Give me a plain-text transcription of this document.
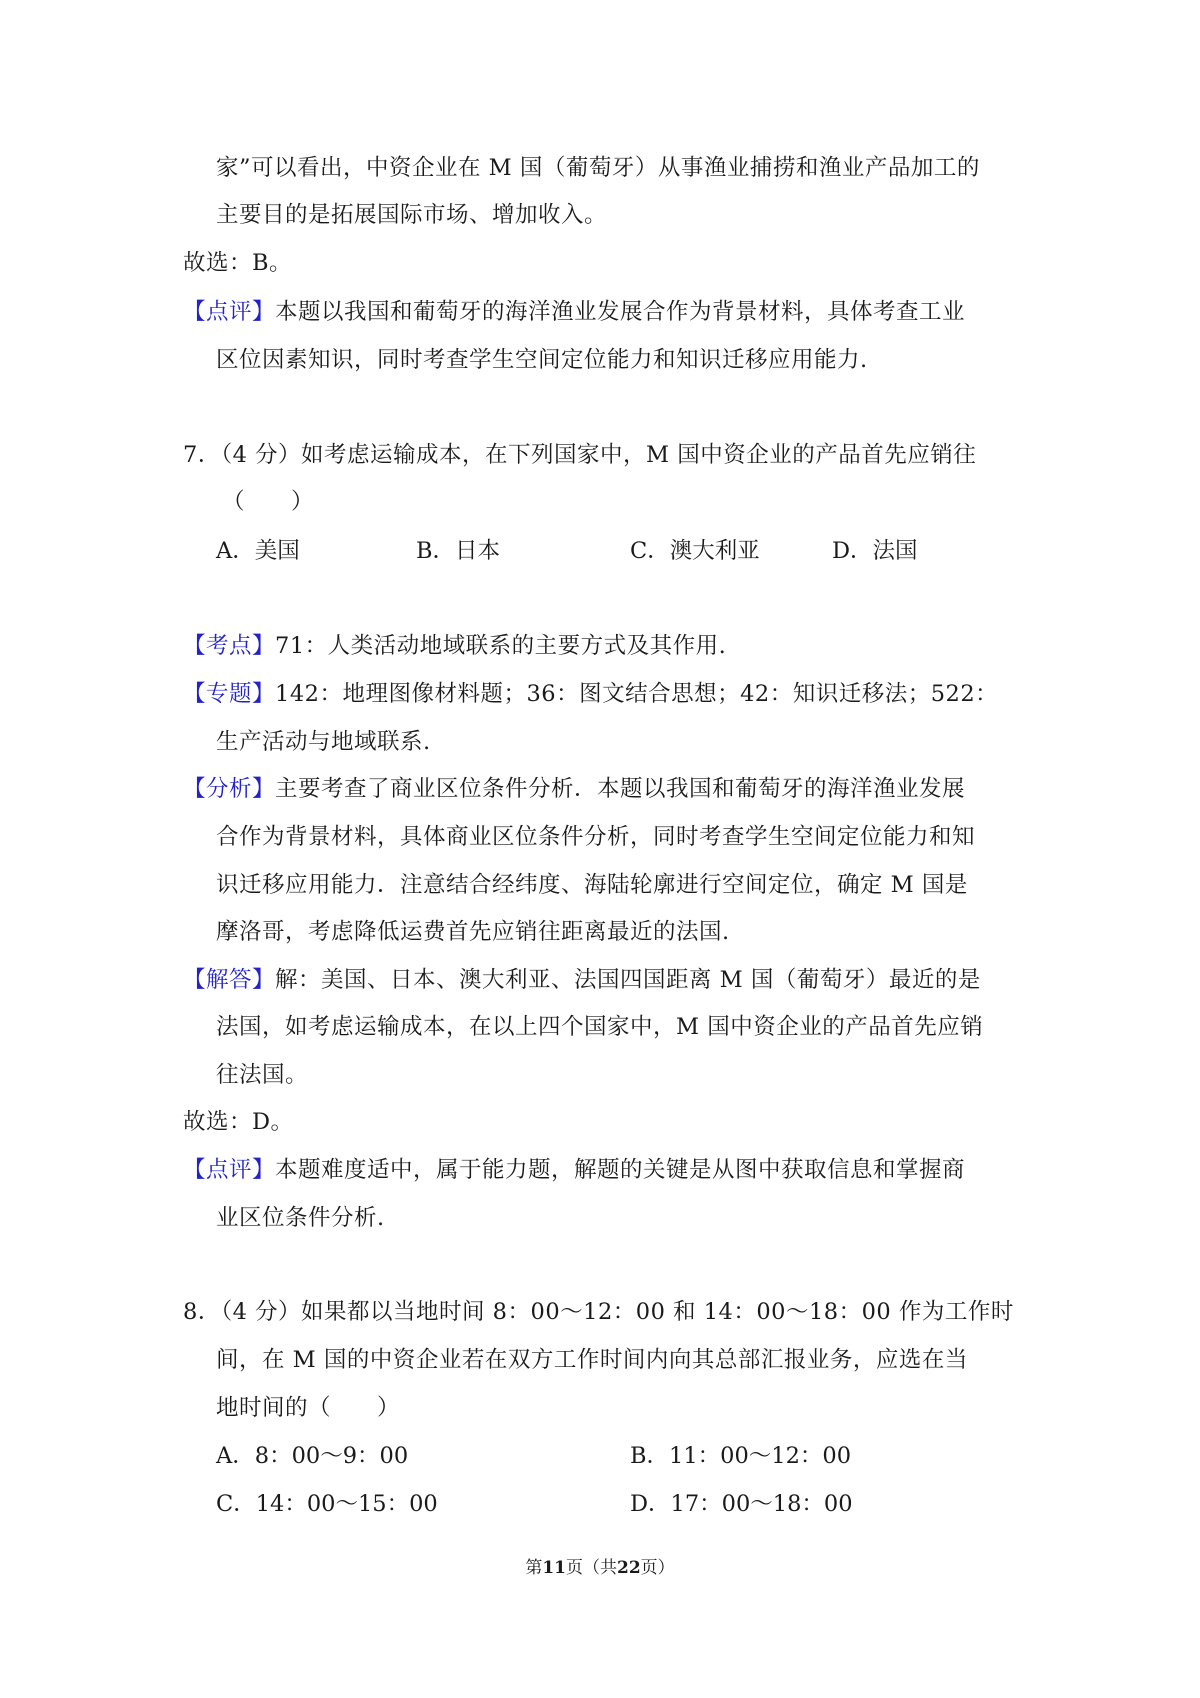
家”可以看出，中资企业在 M 国（葡萄牙）从事渔业捕捞和渔业产品加工的
主要目的是拓展国际市场、增加收入。
故选：B。
【点评】本题以我国和葡萄牙的海洋渔业发展合作为背景材料，具体考查工业
区位因素知识，同时考查学生空间定位能力和知识迁移应用能力.
7．（4 分）如考虑运输成本，在下列国家中，M 国中资企业的产品首先应销往
（　　）
A．美国	B．日本	C．澳大利亚	D．法国
【考点】71：人类活动地域联系的主要方式及其作用.
【专题】142：地理图像材料题；36：图文结合思想；42：知识迁移法；522：
生产活动与地域联系.
【分析】主要考查了商业区位条件分析．本题以我国和葡萄牙的海洋渔业发展
合作为背景材料，具体商业区位条件分析，同时考查学生空间定位能力和知
识迁移应用能力．注意结合经纬度、海陆轮廓进行空间定位，确定 M 国是
摩洛哥，考虑降低运费首先应销往距离最近的法国.
【解答】解：美国、日本、澳大利亚、法国四国距离 M 国（葡萄牙）最近的是
法国，如考虑运输成本，在以上四个国家中，M 国中资企业的产品首先应销
往法国。
故选：D。
【点评】本题难度适中，属于能力题，解题的关键是从图中获取信息和掌握商
业区位条件分析.
8．（4 分）如果都以当地时间 8：00～12：00 和 14：00～18：00 作为工作时
间，在 M 国的中资企业若在双方工作时间内向其总部汇报业务，应选在当
地时间的（　　）
A．8：00～9：00	B．11：00～12：00
C．14：00～15：00	D．17：00～18：00
第11页（共22页）
